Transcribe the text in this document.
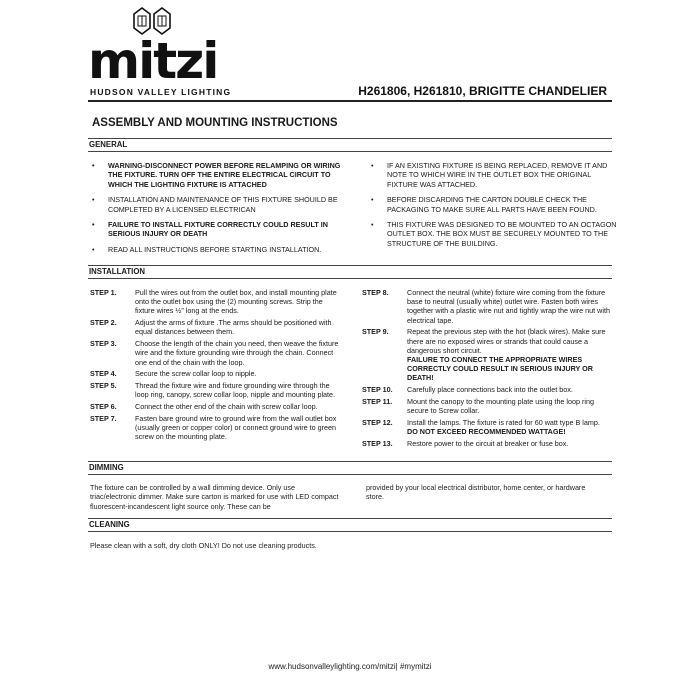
mitzi
HUDSON VALLEY LIGHTING	H261806, H261810, BRIGITTE CHANDELIER
ASSEMBLY AND MOUNTING INSTRUCTIONS
GENERAL
• WARNING-DISCONNECT POWER BEFORE RELAMPING OR WIRING THE FIXTURE. TURN OFF THE ENTIRE ELECTRICAL CIRCUIT TO WHICH THE LIGHTING FIXTURE IS ATTACHED
• INSTALLATION AND MAINTENANCE OF THIS FIXTURE SHOUILD BE COMPLETED BY A LICENSED ELECTRICAN
• FAILURE TO INSTALL FIXTURE CORRECTLY COULD RESULT IN SERIOUS INJURY OR DEATH
• READ ALL INSTRUCTIONS BEFORE STARTING INSTALLATION.
• IF AN EXISTING FIXTURE IS BEING REPLACED, REMOVE IT AND NOTE TO WHICH WIRE IN THE OUTLET BOX THE ORIGINAL FIXTURE WAS ATTACHED.
• BEFORE DISCARDING THE CARTON DOUBLE CHECK THE PACKAGING TO MAKE SURE ALL PARTS HAVE BEEN FOUND.
• THIS FIXTURE WAS DESIGNED TO BE MOUNTED TO AN OCTAGON OUTLET BOX. THE BOX MUST BE SECURELY MOUNTED TO THE STRUCTURE OF THE BUILDING.
INSTALLATION
STEP 1.	Pull the wires out from the outlet box, and install mounting plate onto the outlet box using the (2) mounting screws. Strip the fixture wires ½” long at the ends.
STEP 2.	Adjust the arms of fixture .The arms should be positioned with equal distances between them.
STEP 3.	Choose the length of the chain you need, then weave the fixture wire and the fixture grounding wire through the chain. Connect one end of the chain with the loop.
STEP 4.	Secure the screw collar loop to nipple.
STEP 5.	Thread the fixture wire and fixture grounding wire through the loop ring, canopy, screw collar loop, nipple and mounting plate.
STEP 6.	Connect the other end of the chain with screw collar loop.
STEP 7.	Fasten bare ground wire to ground wire from the wall outlet box (usually green or copper color) or connect ground wire to green screw on the mounting plate.
STEP 8.	Connect the neutral (white) fixture wire coming from the fixture base to neutral (usually white) outlet wire. Fasten both wires together with a plastic wire nut and tightly wrap the wire nut with electrical tape.
STEP 9.	Repeat the previous step with the hot (black wires). Make sure there are no exposed wires or strands that could cause a dangerous short circuit.
FAILURE TO CONNECT THE APPROPRIATE WIRES CORRECTLY COULD RESULT IN SERIOUS INJURY OR DEATH!
STEP 10.	Carefully place connections back into the outlet box.
STEP 11.	Mount the canopy to the mounting plate using the loop ring secure to Screw collar.
STEP 12.	Install the lamps. The fixture is rated for 60 watt type B lamp.
DO NOT EXCEED RECOMMENDED WATTAGE!
STEP 13.	Restore power to the circuit at breaker or fuse box.
DIMMING
The fixture can be controlled by a wall dimming device. Only use triac/electronic dimmer. Make sure carton is marked for use with LED compact fluorescent-incandescent light source only. These can be
provided by your local electrical distributor, home center, or hardware store.
CLEANING
Please clean with a soft, dry cloth ONLY! Do not use cleaning products.
www.hudsonvalleylighting.com/mitzi| #mymitzi
